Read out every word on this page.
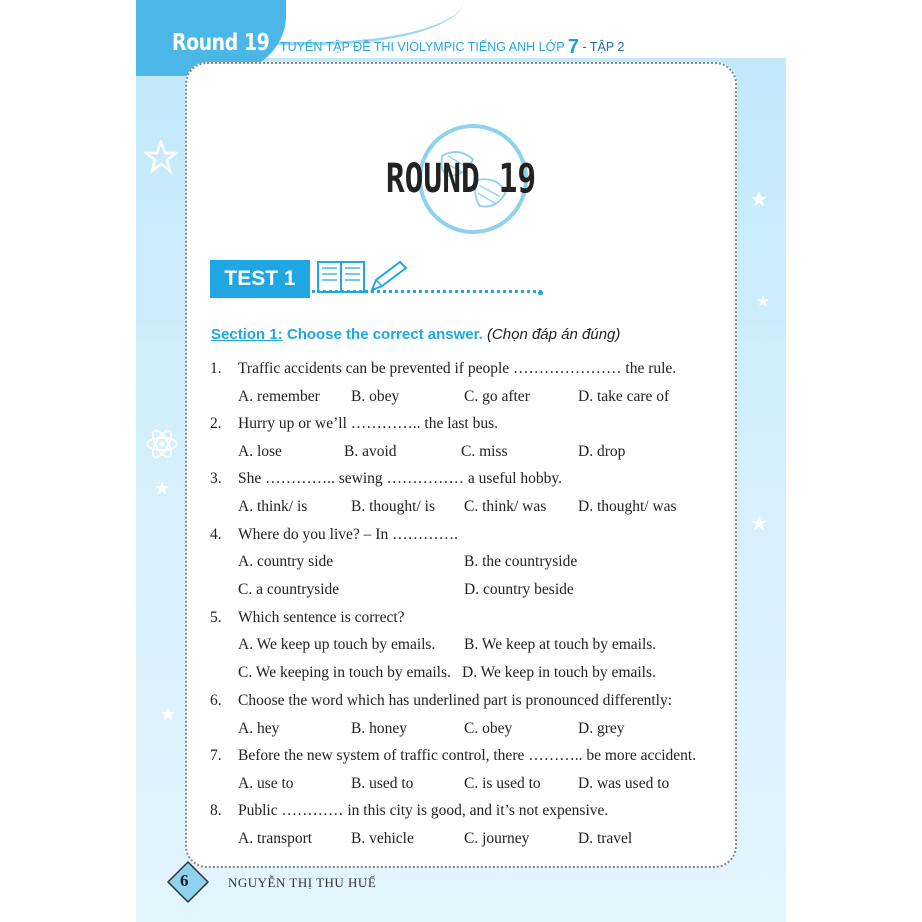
Round 19 TUYỂN TẬP ĐỀ THI VIOLYMPIC TIẾNG ANH LỚP 7 - TẬP 2
ROUND 19
TEST 1
Section 1: Choose the correct answer. (Chọn đáp án đúng)
1. Traffic accidents can be prevented if people ………………… the rule.
A. remember B. obey	C. go after	D. take care of
2. Hurry up or we’ll ………….. the last bus.
A. lose	B. avoid	C. miss	D. drop
3. She ………….. sewing …………… a useful hobby.
A. think/ is	B. thought/ is C. think/ was D. thought/ was
4. Where do you live? – In ………….
A. country side	B. the countryside
C. a countryside	D. country beside
5. Which sentence is correct?
A. We keep up touch by emails. B. We keep at touch by emails.
C. We keeping in touch by emails. D. We keep in touch by emails.
6. Choose the word which has underlined part is pronounced differently:
A. hey	B. honey	C. obey	D. grey
7. Before the new system of traffic control, there ……….. be more accident.
A. use to	B. used to	C. is used to D. was used to
8. Public ………… in this city is good, and it’s not expensive.
A. transport	B. vehicle	C. journey	D. travel
6	NGUYỄN THỊ THU HUẾ
